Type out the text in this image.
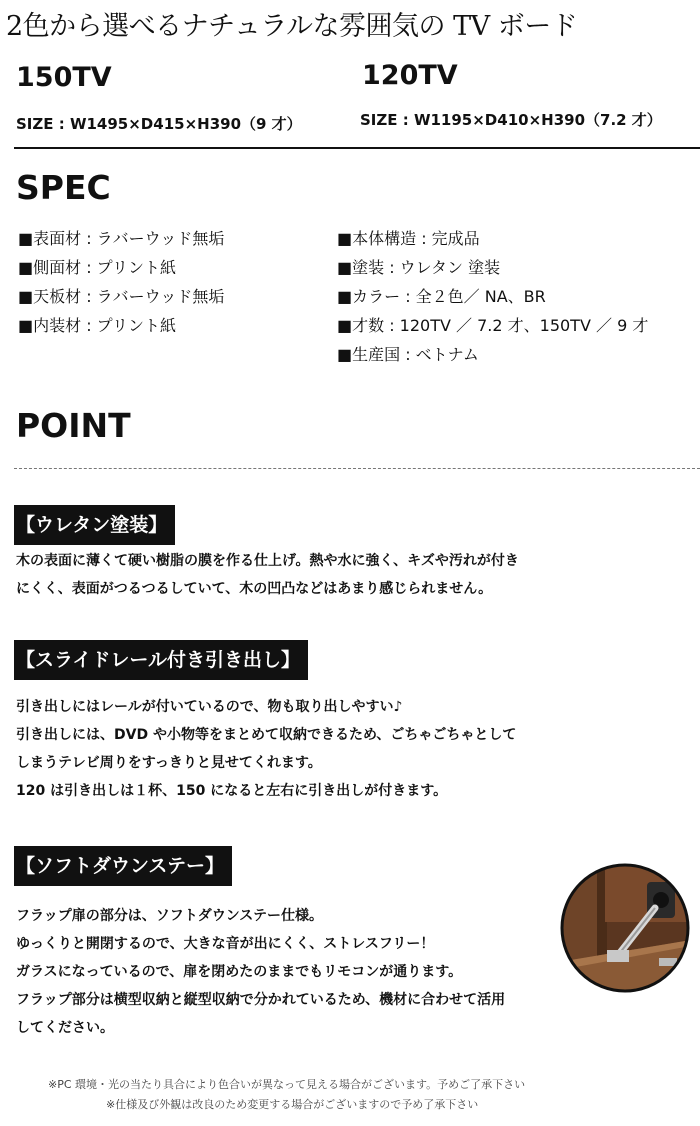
2色から選べるナチュラルな雰囲気の TV ボード
150TV
SIZE : W1495×D415×H390（9 才）
120TV
SIZE : W1195×D410×H390（7.2 才）
SPEC
■表面材 : ラバーウッド無垢
■側面材 : プリント紙
■天板材 : ラバーウッド無垢
■内装材 : プリント紙
■本体構造 : 完成品
■塗装 : ウレタン 塗装
■カラー : 全２色／ NA、BR
■才数 : 120TV ／ 7.2 才、150TV ／ 9 才
■生産国 : ベトナム
POINT
【ウレタン塗装】
木の表面に薄くて硬い樹脂の膜を作る仕上げ。熱や水に強く、キズや汚れが付き
にくく、表面がつるつるしていて、木の凹凸などはあまり感じられません。
【スライドレール付き引き出し】
引き出しにはレールが付いているので、物も取り出しやすい♪
引き出しには、DVD や小物等をまとめて収納できるため、ごちゃごちゃとして
しまうテレビ周りをすっきりと見せてくれます。
120 は引き出しは１杯、150 になると左右に引き出しが付きます。
【ソフトダウンステー】
フラップ扉の部分は、ソフトダウンステー仕様。
ゆっくりと開閉するので、大きな音が出にくく、ストレスフリー！
ガラスになっているので、扉を閉めたのままでもリモコンが通ります。
フラップ部分は横型収納と縦型収納で分かれているため、機材に合わせて活用
してください。
※PC 環境・光の当たり具合により色合いが異なって見える場合がございます。予めご了承下さい
※仕様及び外観は改良のため変更する場合がございますので予め了承下さい
